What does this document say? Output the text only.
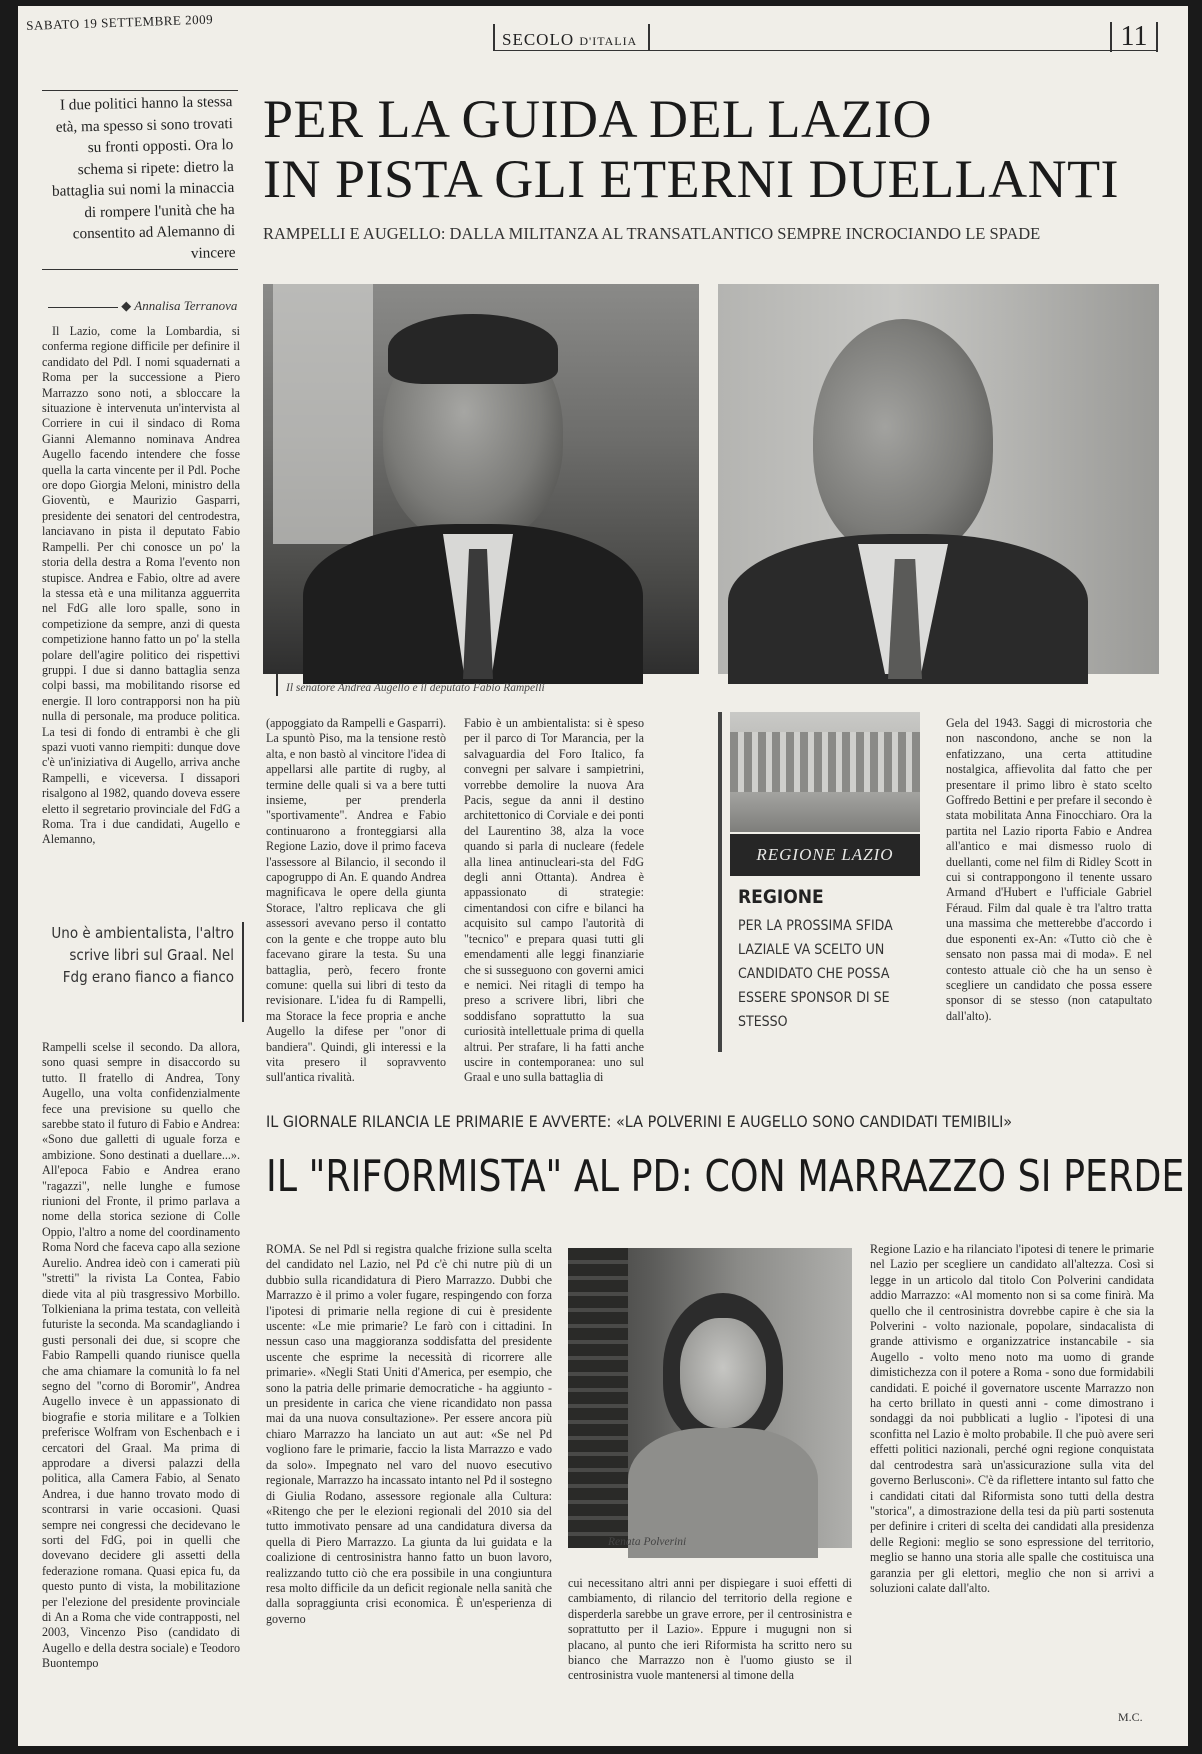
SABATO 19 SETTEMBRE 2009
SECOLO D'ITALIA	11
I due politici hanno la stessa età, ma spesso si sono trovati su fronti opposti. Ora lo schema si ripete: dietro la battaglia sui nomi la minaccia di rompere l'unità che ha consentito ad Alemanno di vincere
PER LA GUIDA DEL LAZIO
IN PISTA GLI ETERNI DUELLANTI
RAMPELLI E AUGELLO: DALLA MILITANZA AL TRANSATLANTICO SEMPRE INCROCIANDO LE SPADE
◆ Annalisa Terranova
Il senatore Andrea Augello e il deputato Fabio Rampelli

Il Lazio, come la Lombardia, si conferma regione difficile per definire il candidato del Pdl. I nomi squadernati a Roma per la successione a Piero Marrazzo sono noti, a sbloccare la situazione è intervenuta un'intervista al Corriere in cui il sindaco di Roma Gianni Alemanno nominava Andrea Augello facendo intendere che fosse quella la carta vincente per il Pdl. Poche ore dopo Giorgia Meloni, ministro della Gioventù, e Maurizio Gasparri, presidente dei senatori del centrodestra, lanciavano in pista il deputato Fabio Rampelli. Per chi conosce un po' la storia della destra a Roma l'evento non stupisce. Andrea e Fabio, oltre ad avere la stessa età e una militanza agguerrita nel FdG alle loro spalle, sono in competizione da sempre, anzi di questa competizione hanno fatto un po' la stella polare dell'agire politico dei rispettivi gruppi. I due si danno battaglia senza colpi bassi, ma mobilitando risorse ed energie. Il loro contrapporsi non ha più nulla di personale, ma produce politica. La tesi di fondo di entrambi è che gli spazi vuoti vanno riempiti: dunque dove c'è un'iniziativa di Augello, arriva anche Rampelli, e viceversa. I dissapori risalgono al 1982, quando doveva essere eletto il segretario provinciale del FdG a Roma. Tra i due candidati, Augello e Alemanno,

Uno è ambientalista, l'altro scrive libri sul Graal. Nel Fdg erano fianco a fianco

Rampelli scelse il secondo. Da allora, sono quasi sempre in disaccordo su tutto. Il fratello di Andrea, Tony Augello, una volta confidenzialmente fece una previsione su quello che sarebbe stato il futuro di Fabio e Andrea: «Sono due galletti di uguale forza e ambizione. Sono destinati a duellare...». All'epoca Fabio e Andrea erano "ragazzi", nelle lunghe e fumose riunioni del Fronte, il primo parlava a nome della storica sezione di Colle Oppio, l'altro a nome del coordinamento Roma Nord che faceva capo alla sezione Aurelio. Andrea ideò con i camerati più "stretti" la rivista La Contea, Fabio diede vita al più trasgressivo Morbillo. Tolkieniana la prima testata, con velleità futuriste la seconda. Ma scandagliando i gusti personali dei due, si scopre che Fabio Rampelli quando riunisce quella che ama chiamare la comunità lo fa nel segno del "corno di Boromir", Andrea Augello invece è un appassionato di biografie e storia militare e a Tolkien preferisce Wolfram von Eschenbach e i cercatori del Graal. Ma prima di approdare a diversi palazzi della politica, alla Camera Fabio, al Senato Andrea, i due hanno trovato modo di scontrarsi in varie occasioni. Quasi sempre nei congressi che decidevano le sorti del FdG, poi in quelli che dovevano decidere gli assetti della federazione romana. Quasi epica fu, da questo punto di vista, la mobilitazione per l'elezione del presidente provinciale di An a Roma che vide contrapposti, nel 2003, Vincenzo Piso (candidato di Augello e della destra sociale) e Teodoro Buontempo

(appoggiato da Rampelli e Gasparri). La spuntò Piso, ma la tensione restò alta, e non bastò al vincitore l'idea di appellarsi alle partite di rugby, al termine delle quali si va a bere tutti insieme, per prenderla "sportivamente". Andrea e Fabio continuarono a fronteggiarsi alla Regione Lazio, dove il primo faceva l'assessore al Bilancio, il secondo il capogruppo di An. E quando Andrea magnificava le opere della giunta Storace, l'altro replicava che gli assessori avevano perso il contatto con la gente e che troppe auto blu facevano girare la testa. Su una battaglia, però, fecero fronte comune: quella sui libri di testo da revisionare. L'idea fu di Rampelli, ma Storace la fece propria e anche Augello la difese per "onor di bandiera". Quindi, gli interessi e la vita presero il sopravvento sull'antica rivalità.

Fabio è un ambientalista: si è speso per il parco di Tor Marancia, per la salvaguardia del Foro Italico, fa convegni per salvare i sampietrini, vorrebbe demolire la nuova Ara Pacis, segue da anni il destino architettonico di Corviale e dei ponti del Laurentino 38, alza la voce quando si parla di nucleare (fedele alla linea antinucleari-sta del FdG degli anni Ottanta). Andrea è appassionato di strategie: cimentandosi con cifre e bilanci ha acquisito sul campo l'autorità di "tecnico" e prepara quasi tutti gli emendamenti alle leggi finanziarie che si susseguono con governi amici e nemici. Nei ritagli di tempo ha preso a scrivere libri, libri che soddisfano soprattutto la sua curiosità intellettuale prima di quella altrui. Per strafare, li ha fatti anche uscire in contemporanea: uno sul Graal e uno sulla battaglia di

REGIONE LAZIO
REGIONE
PER LA PROSSIMA SFIDA LAZIALE VA SCELTO UN CANDIDATO CHE POSSA ESSERE SPONSOR DI SE STESSO

Gela del 1943. Saggi di microstoria che non nascondono, anche se non la enfatizzano, una certa attitudine nostalgica, affievolita dal fatto che per presentare il primo libro è stato scelto Goffredo Bettini e per prefare il secondo è stata mobilitata Anna Finocchiaro. Ora la partita nel Lazio riporta Fabio e Andrea all'antico e mai dismesso ruolo di duellanti, come nel film di Ridley Scott in cui si contrappongono il tenente ussaro Armand d'Hubert e l'ufficiale Gabriel Féraud. Film dal quale è tra l'altro tratta una massima che metterebbe d'accordo i due esponenti ex-An: «Tutto ciò che è sensato non passa mai di moda». E nel contesto attuale ciò che ha un senso è scegliere un candidato che possa essere sponsor di se stesso (non catapultato dall'alto).

IL GIORNALE RILANCIA LE PRIMARIE E AVVERTE: «LA POLVERINI E AUGELLO SONO CANDIDATI TEMIBILI»
IL "RIFORMISTA" AL PD: CON MARRAZZO SI PERDE

ROMA. Se nel Pdl si registra qualche frizione sulla scelta del candidato nel Lazio, nel Pd c'è chi nutre più di un dubbio sulla ricandidatura di Piero Marrazzo. Dubbi che Marrazzo è il primo a voler fugare, respingendo con forza l'ipotesi di primarie nella regione di cui è presidente uscente: «Le mie primarie? Le farò con i cittadini. In nessun caso una maggioranza soddisfatta del presidente uscente che esprime la necessità di ricorrere alle primarie». «Negli Stati Uniti d'America, per esempio, che sono la patria delle primarie democratiche - ha aggiunto - un presidente in carica che viene ricandidato non passa mai da una nuova consultazione». Per essere ancora più chiaro Marrazzo ha lanciato un aut aut: «Se nel Pd vogliono fare le primarie, faccio la lista Marrazzo e vado da solo». Impegnato nel varo del nuovo esecutivo regionale, Marrazzo ha incassato intanto nel Pd il sostegno di Giulia Rodano, assessore regionale alla Cultura: «Ritengo che per le elezioni regionali del 2010 sia del tutto immotivato pensare ad una candidatura diversa da quella di Piero Marrazzo. La giunta da lui guidata e la coalizione di centrosinistra hanno fatto un buon lavoro, realizzando tutto ciò che era possibile in una congiuntura resa molto difficile da un deficit regionale nella sanità che dalla sopraggiunta crisi economica. È un'esperienza di governo

Renata Polverini

cui necessitano altri anni per dispiegare i suoi effetti di cambiamento, di rilancio del territorio della regione e disperderla sarebbe un grave errore, per il centrosinistra e soprattutto per il Lazio». Eppure i mugugni non si placano, al punto che ieri Riformista ha scritto nero su bianco che Marrazzo non è l'uomo giusto se il centrosinistra vuole mantenersi al timone della

Regione Lazio e ha rilanciato l'ipotesi di tenere le primarie nel Lazio per scegliere un candidato all'altezza. Così si legge in un articolo dal titolo Con Polverini candidata addio Marrazzo: «Al momento non si sa come finirà. Ma quello che il centrosinistra dovrebbe capire è che sia la Polverini - volto nazionale, popolare, sindacalista di grande attivismo e organizzatrice instancabile - sia Augello - volto meno noto ma uomo di grande dimistichezza con il potere a Roma - sono due formidabili candidati. E poiché il governatore uscente Marrazzo non ha certo brillato in questi anni - come dimostrano i sondaggi da noi pubblicati a luglio - l'ipotesi di una sconfitta nel Lazio è molto probabile. Il che può avere seri effetti politici nazionali, perché ogni regione conquistata dal centrodestra sarà un'assicurazione sulla vita del governo Berlusconi». C'è da riflettere intanto sul fatto che i candidati citati dal Riformista sono tutti della destra "storica", a dimostrazione della tesi da più parti sostenuta per definire i criteri di scelta dei candidati alla presidenza delle Regioni: meglio se sono espressione del territorio, meglio se hanno una storia alle spalle che costituisca una garanzia per gli elettori, meglio che non si arrivi a soluzioni calate dall'alto.

M.C.
